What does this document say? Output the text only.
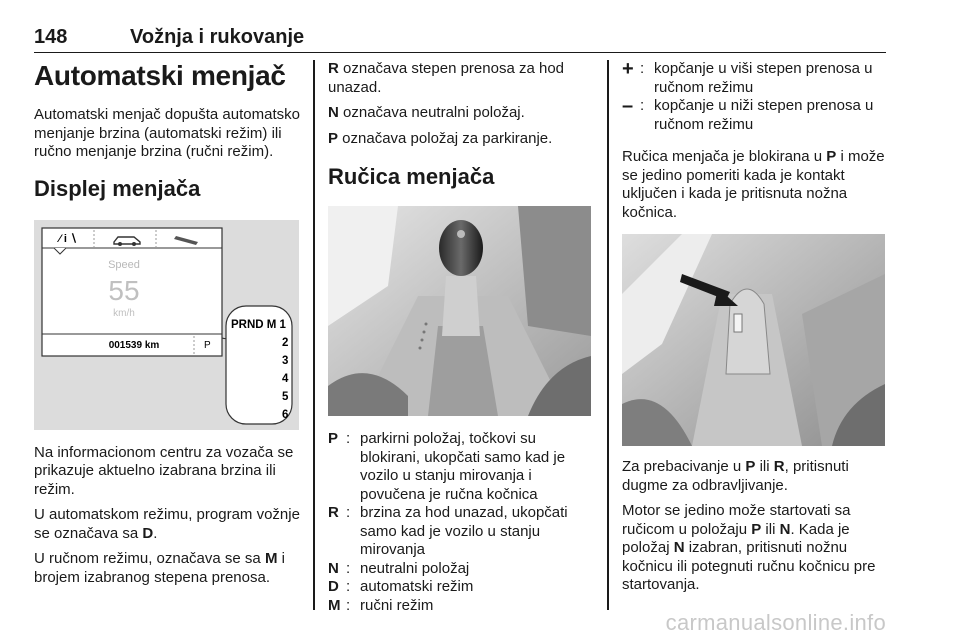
148	Vožnja i rukovanje
Automatski menjač

Automatski menjač dopušta automatsko menjanje brzina (automatski režim) ili ručno menjanje brzina (ručni režim).

Displej menjača
⁄ i ∖
Speed
55
km/h
001539 km	P
PRND M 1
2
3
4
5
6

Na informacionom centru za vozača se prikazuje aktuelno izabrana brzina ili režim.

U automatskom režimu, program vožnje se označava sa D.

U ručnom režimu, označava se sa M i brojem izabranog stepena prenosa.

R označava stepen prenosa za hod unazad.

N označava neutralni položaj.

P označava položaj za parkiranje.

Ručica menjača
P : parkirni položaj, točkovi su blokirani, ukopčati samo kad je vozilo u stanju mirovanja i povučena je ručna kočnica
R : brzina za hod unazad, ukopčati samo kad je vozilo u stanju mirovanja
N : neutralni položaj
D : automatski režim
M : ručni režim
+ : kopčanje u viši stepen prenosa u ručnom režimu
– : kopčanje u niži stepen prenosa u ručnom režimu

Ručica menjača je blokirana u P i može se jedino pomeriti kada je kontakt uključen i kada je pritisnuta nožna kočnica.

Za prebacivanje u P ili R, pritisnuti dugme za odbravljivanje.

Motor se jedino može startovati sa ručicom u položaju P ili N. Kada je položaj N izabran, pritisnuti nožnu kočnicu ili potegnuti ručnu kočnicu pre startovanja.

carmanualsonline.info
